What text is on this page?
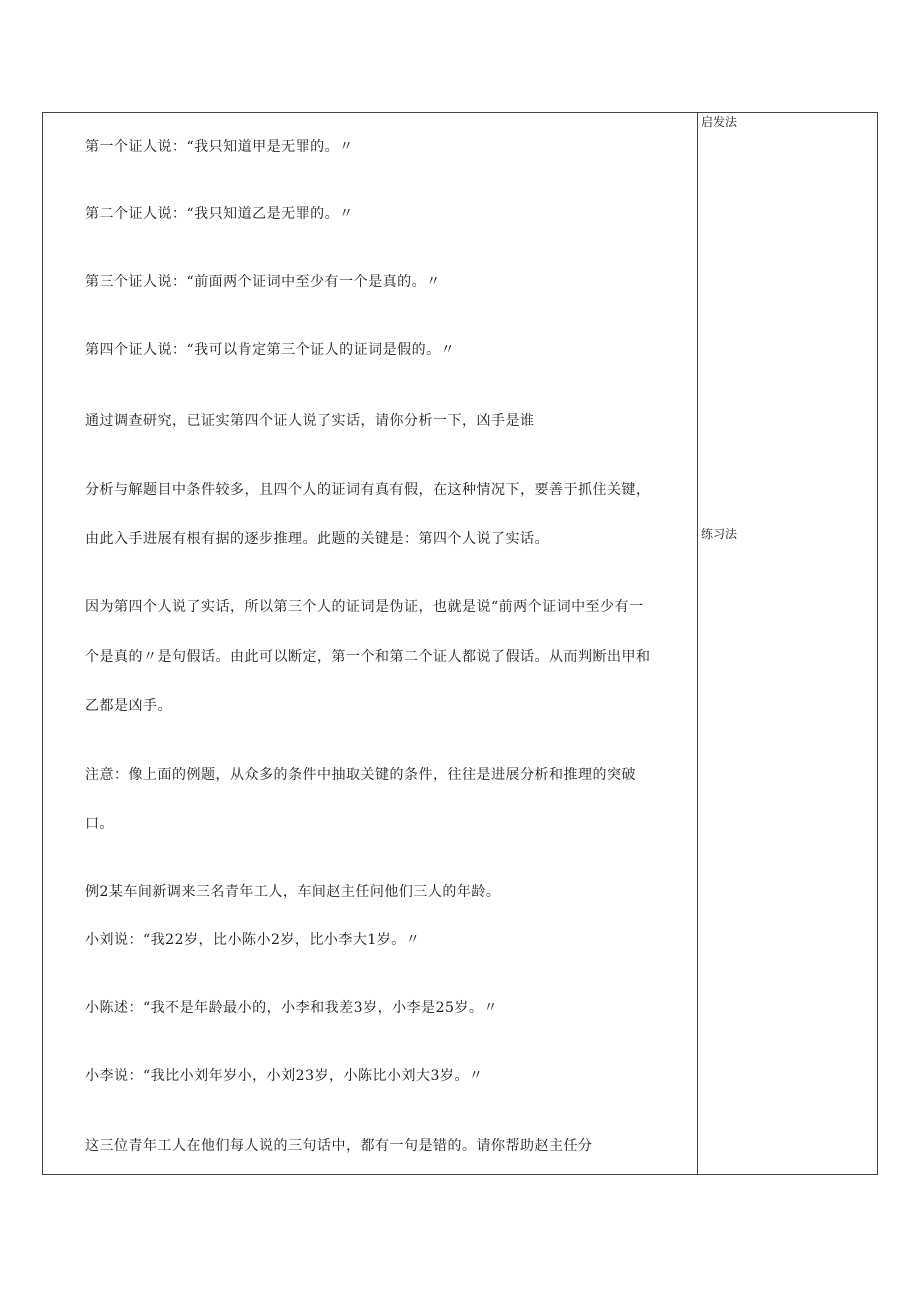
启发法
练习法
第一个证人说：“我只知道甲是无罪的。〃
第二个证人说：“我只知道乙是无罪的。〃
第三个证人说：“前面两个证词中至少有一个是真的。〃
第四个证人说：“我可以肯定第三个证人的证词是假的。〃
通过调查研究，已证实第四个证人说了实话，请你分析一下，凶手是谁
分析与解题目中条件较多，且四个人的证词有真有假，在这种情况下，要善于抓住关键，
由此入手进展有根有据的逐步推理。此题的关键是：第四个人说了实话。
因为第四个人说了实话，所以第三个人的证词是伪证，也就是说“前两个证词中至少有一
个是真的〃是句假话。由此可以断定，第一个和第二个证人都说了假话。从而判断出甲和
乙都是凶手。
注意：像上面的例题，从众多的条件中抽取关键的条件，往往是进展分析和推理的突破
口。
例2某车间新调来三名青年工人，车间赵主任问他们三人的年龄。
小刘说：“我22岁，比小陈小2岁，比小李大1岁。〃
小陈述：“我不是年龄最小的，小李和我差3岁，小李是25岁。〃
小李说：“我比小刘年岁小，小刘23岁，小陈比小刘大3岁。〃
这三位青年工人在他们每人说的三句话中，都有一句是错的。请你帮助赵主任分
